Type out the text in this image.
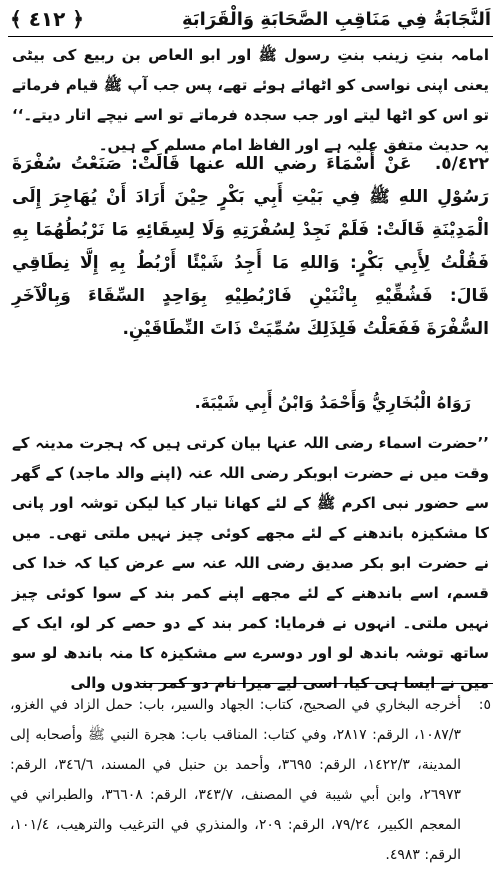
اَلنَّجَابَةُ فِي مَنَاقِبِ الصَّحَابَةِ وَالْقَرَابَةِ
﴿ ٤١٢ ﴾
امامہ بنتِ زینب بنتِ رسول ﷺ اور ابو العاص بن ربیع کی بیٹی یعنی اپنی نواسی کو اٹھائے ہوئے تھے، پس جب آپ ﷺ قیام فرماتے تو اس کو اٹھا لیتے اور جب سجدہ فرماتے تو اسے نیچے اتار دیتے۔‘‘ یہ حدیث متفق علیہ ہے اور الفاظ امام مسلم کے ہیں۔
٥/٤٢٢. عَنْ أَسْمَاءَ رضي الله عنها قَالَتْ: صَنَعْتُ سُفْرَةَ رَسُوْلِ اللهِ ﷺ فِي بَيْتِ أَبِي بَكْرٍ حِيْنَ أَرَادَ أَنْ يُهَاجِرَ إِلَى الْمَدِيْنَةِ قَالَتْ: فَلَمْ نَجِدْ لِسُفْرَتِهِ وَلَا لِسِقَائِهِ مَا نَرْبُطُهُمَا بِهِ فَقُلْتُ لِأَبِي بَكْرٍ: وَاللهِ مَا أَجِدُ شَيْئًا أَرْبُطُ بِهِ إِلَّا نِطَاقِي قَالَ: فَشُقِّيْهِ بِاثْنَيْنِ فَارْبُطِيْهِ بِوَاحِدٍ السِّقَاءَ وَبِالْآخَرِ السُّفْرَةَ فَفَعَلْتُ فَلِذَلِكَ سُمِّيَتْ ذَاتَ النِّطَاقَيْنِ.
رَوَاهُ الْبُخَارِيُّ وَأَحْمَدُ وَابْنُ أَبِي شَيْبَةَ.
’’حضرت اسماء رضی اللہ عنہا بیان کرتی ہیں کہ ہجرت مدینہ کے وقت میں نے حضرت ابوبکر رضی اللہ عنہ (اپنے والد ماجد) کے گھر سے حضور نبی اکرم ﷺ کے لئے کھانا تیار کیا لیکن توشہ اور پانی کا مشکیزہ باندھنے کے لئے مجھے کوئی چیز نہیں ملتی تھی۔ میں نے حضرت ابو بکر صدیق رضی اللہ عنہ سے عرض کیا کہ خدا کی قسم، اسے باندھنے کے لئے مجھے اپنے کمر بند کے سوا کوئی چیز نہیں ملتی۔ انہوں نے فرمایا: کمر بند کے دو حصے کر لو، ایک کے ساتھ توشہ باندھ لو اور دوسرے سے مشکیزہ کا منہ باندھ لو سو میں نے ایسا ہی کیا، اسی لیے میرا نام دو کمر بندوں والی
٥:
أخرجه البخاري في الصحيح، كتاب: الجهاد والسير، باب: حمل الزاد في الغزو، ١٠٨٧/٣، الرقم: ٢٨١٧، وفي كتاب: المناقب باب: هجرة النبي ﷺ وأصحابه إلى المدينة، ١٤٢٢/٣، الرقم: ٣٦٩٥، وأحمد بن حنبل في المسند، ٣٤٦/٦، الرقم: ٢٦٩٧٣، وابن أبي شيبة في المصنف، ٣٤٣/٧، الرقم: ٣٦٦٠٨، والطبراني في المعجم الكبير، ٧٩/٢٤، الرقم: ٢٠٩، والمنذري في الترغيب والترهيب، ١٠١/٤، الرقم: ٤٩٨٣.
